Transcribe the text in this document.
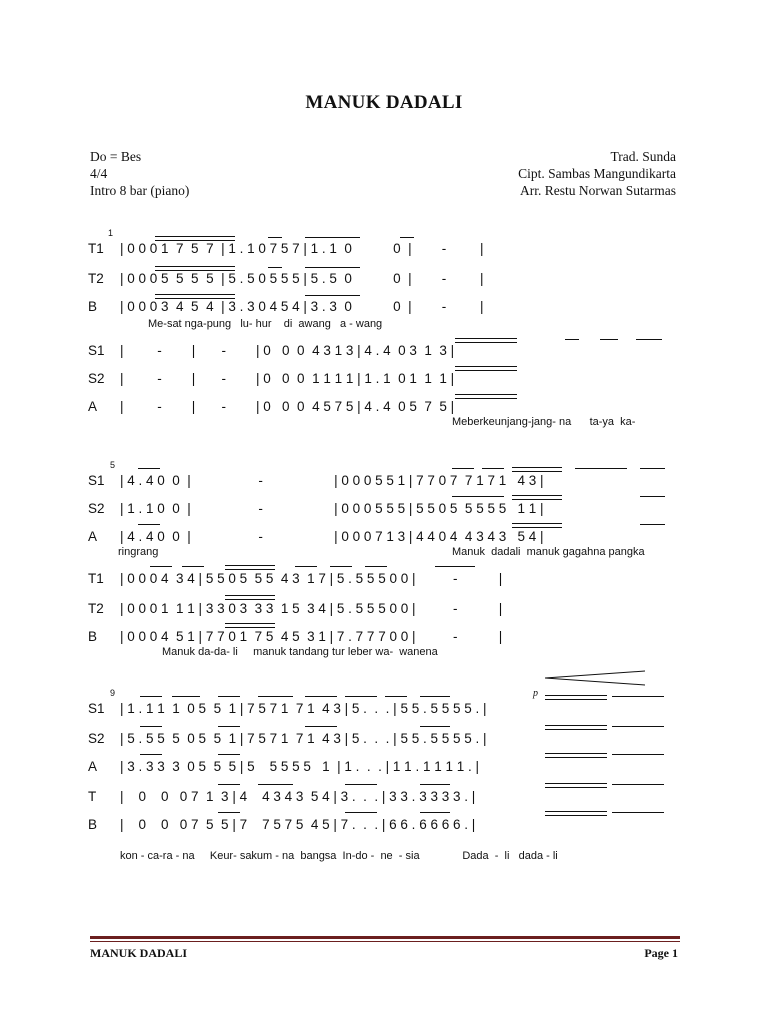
MANUK DADALI
Do = Bes
4/4
Intro 8 bar (piano)
Trad. Sunda
Cipt. Sambas Mangundikarta
Arr. Restu Norwan Sutarmas
1

T1

| 0 0 0 1  7  5  7  | 1 . 1 0 7 5 7 | 1 . 1  0           0  |        -         |

T2

| 0 0 0 5  5  5  5  | 5 . 5 0 5 5 5 | 5 . 5  0           0  |        -         |

B

| 0 0 0 3  4  5  4  | 3 . 3 0 4 5 4 | 3 . 3  0           0  |        -         |

Me-sat nga-pung   lu- hur    di  awang   a - wang

S1

|         -        |       -        | 0   0  0  4 3 1 3 | 4 . 4  0 3  1  3 |

S2

|         -        |       -        | 0   0  0  1 1 1 1 | 1 . 1  0 1  1  1 |

A

|         -        |       -        | 0   0  0  4 5 7 5 | 4 . 4  0 5  7  5 |

Meberkeunjang-jang- na      ta-ya  ka-
5

S1

| 4 . 4 0  0  |                  -                   | 0 0 0 5 5 1 | 7 7 0 7  7 1 7 1   4 3 |

S2

| 1 . 1 0  0  |                  -                   | 0 0 0 5 5 5 | 5 5 0 5  5 5 5 5   1 1 |

A

| 4 . 4 0  0  |                  -                   | 0 0 0 7 1 3 | 4 4 0 4  4 3 4 3   5 4 |

ringrang	Manuk  dadali  manuk gagahna pangka

T1

| 0 0 0 4  3 4 | 5 5 0 5  5 5  4 3  1 7 | 5 . 5 5 5 0 0 |          -           |

T2

| 0 0 0 1  1 1 | 3 3 0 3  3 3  1 5  3 4 | 5 . 5 5 5 0 0 |          -           |

B

| 0 0 0 4  5 1 | 7 7 0 1  7 5  4 5  3 1 | 7 . 7 7 7 0 0 |          -           |

Manuk da-da- li     manuk tandang tur leber wa-  wanena
9	p

S1

| 1 . 1 1  1  0 5  5  1 | 7 5 7 1  7 1  4 3 | 5 .  .  . | 5 5 . 5 5 5 5 . |

S2

| 5 . 5 5  5  0 5  5  1 | 7 5 7 1  7 1  4 3 | 5 .  .  . | 5 5 . 5 5 5 5 . |

A

| 3 . 3 3  3  0 5  5  5 | 5    5 5 5 5   1  | 1 .  .  . | 1 1 . 1 1 1 1 . |

T

|    0    0   0 7  1  3 | 4    4 3 4 3  5 4 | 3 .  .  . | 3 3 . 3 3 3 3 . |

B

|    0    0   0 7  5  5 | 7    7 5 7 5  4 5 | 7 .  .  . | 6 6 . 6 6 6 6 . |

kon - ca-ra - na     Keur- sakum - na  bangsa  In-do -  ne  - sia              Dada  -  li   dada - li
MANUK DADALI	Page 1
